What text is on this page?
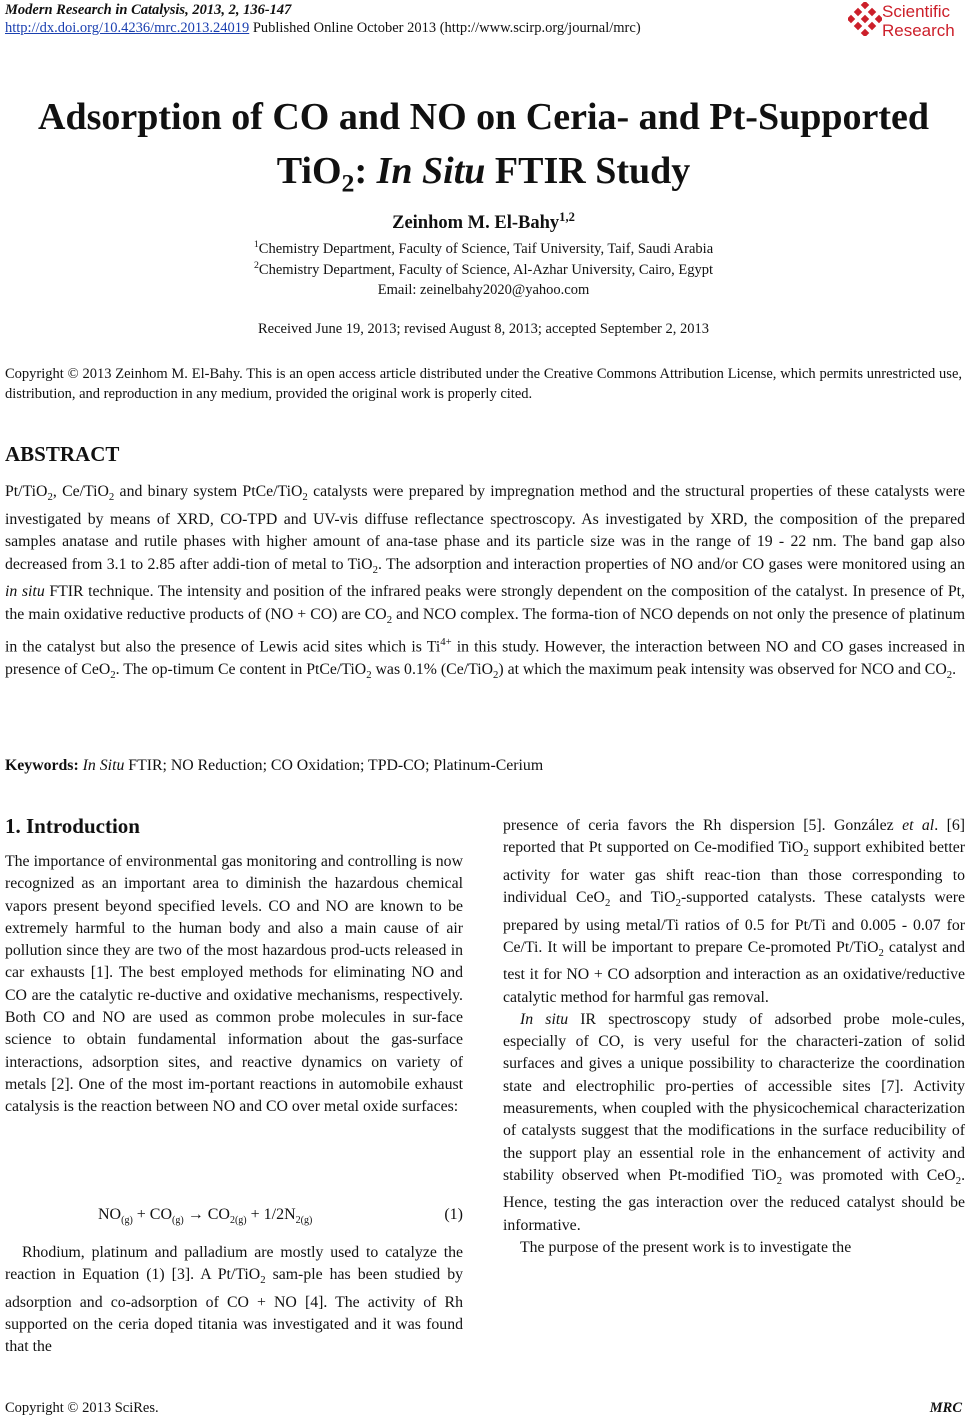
Modern Research in Catalysis, 2013, 2, 136-147
http://dx.doi.org/10.4236/mrc.2013.24019 Published Online October 2013 (http://www.scirp.org/journal/mrc)
Scientific
Research
Adsorption of CO and NO on Ceria- and Pt-Supported
TiO$_2$: In Situ FTIR Study
Zeinhom M. El-Bahy$^{1,2}$
$^1$Chemistry Department, Faculty of Science, Taif University, Taif, Saudi Arabia
$^2$Chemistry Department, Faculty of Science, Al-Azhar University, Cairo, Egypt
Email: zeinelbahy2020@yahoo.com
Received June 19, 2013; revised August 8, 2013; accepted September 2, 2013
Copyright © 2013 Zeinhom M. El-Bahy. This is an open access article distributed under the Creative Commons Attribution License, which permits unrestricted use, distribution, and reproduction in any medium, provided the original work is properly cited.
ABSTRACT
Pt/TiO$_2$, Ce/TiO$_2$ and binary system PtCe/TiO$_2$ catalysts were prepared by impregnation method and the structural properties of these catalysts were investigated by means of XRD, CO-TPD and UV-vis diffuse reflectance spectroscopy. As investigated by XRD, the composition of the prepared samples anatase and rutile phases with higher amount of ana-tase phase and its particle size was in the range of 19 - 22 nm. The band gap also decreased from 3.1 to 2.85 after addi-tion of metal to TiO$_2$. The adsorption and interaction properties of NO and/or CO gases were monitored using an in situ FTIR technique. The intensity and position of the infrared peaks were strongly dependent on the composition of the catalyst. In presence of Pt, the main oxidative reductive products of (NO + CO) are $CO_2$ and NCO complex. The forma-tion of NCO depends on not only the presence of platinum in the catalyst but also the presence of Lewis acid sites which is $Ti^{4+}$ in this study. However, the interaction between NO and CO gases increased in presence of CeO$_2$. The op-timum Ce content in PtCe/TiO$_2$ was 0.1% (Ce/TiO$_2$) at which the maximum peak intensity was observed for NCO and $CO_2$.
Keywords: In Situ FTIR; NO Reduction; CO Oxidation; TPD-CO; Platinum-Cerium
1. Introduction

The importance of environmental gas monitoring and controlling is now recognized as an important area to diminish the hazardous chemical vapors present beyond specified levels. CO and NO are known to be extremely harmful to the human body and also a main cause of air pollution since they are two of the most hazardous prod-ucts released in car exhausts [1]. The best employed methods for eliminating NO and CO are the catalytic re-ductive and oxidative mechanisms, respectively. Both CO and NO are used as common probe molecules in sur-face science to obtain fundamental information about the gas-surface interactions, adsorption sites, and reactive dynamics on variety of metals [2]. One of the most im-portant reactions in automobile exhaust catalysis is the reaction between NO and CO over metal oxide surfaces:

$NO_{(g)} + CO_{(g)} \to CO_{2(g)} + 1/2N_{2(g)}$	(1)

Rhodium, platinum and palladium are mostly used to catalyze the reaction in Equation (1) [3]. A Pt/TiO$_2$ sam-ple has been studied by adsorption and co-adsorption of CO + NO [4]. The activity of Rh supported on the ceria doped titania was investigated and it was found that the

presence of ceria favors the Rh dispersion [5]. González et al. [6] reported that Pt supported on Ce-modified TiO$_2$ support exhibited better activity for water gas shift reac-tion than those corresponding to individual CeO$_2$ and TiO$_2$-supported catalysts. These catalysts were prepared by using metal/Ti ratios of 0.5 for Pt/Ti and 0.005 - 0.07 for Ce/Ti. It will be important to prepare Ce-promoted Pt/TiO$_2$ catalyst and test it for NO + CO adsorption and interaction as an oxidative/reductive catalytic method for harmful gas removal.

In situ IR spectroscopy study of adsorbed probe mole-cules, especially of CO, is very useful for the characteri-zation of solid surfaces and gives a unique possibility to characterize the coordination state and electrophilic pro-perties of accessible sites [7]. Activity measurements, when coupled with the physicochemical characterization of catalysts suggest that the modifications in the surface reducibility of the support play an essential role in the enhancement of activity and stability observed when Pt-modified TiO$_2$ was promoted with CeO$_2$. Hence, testing the gas interaction over the reduced catalyst should be informative.

The purpose of the present work is to investigate the

Copyright © 2013 SciRes.	MRC
